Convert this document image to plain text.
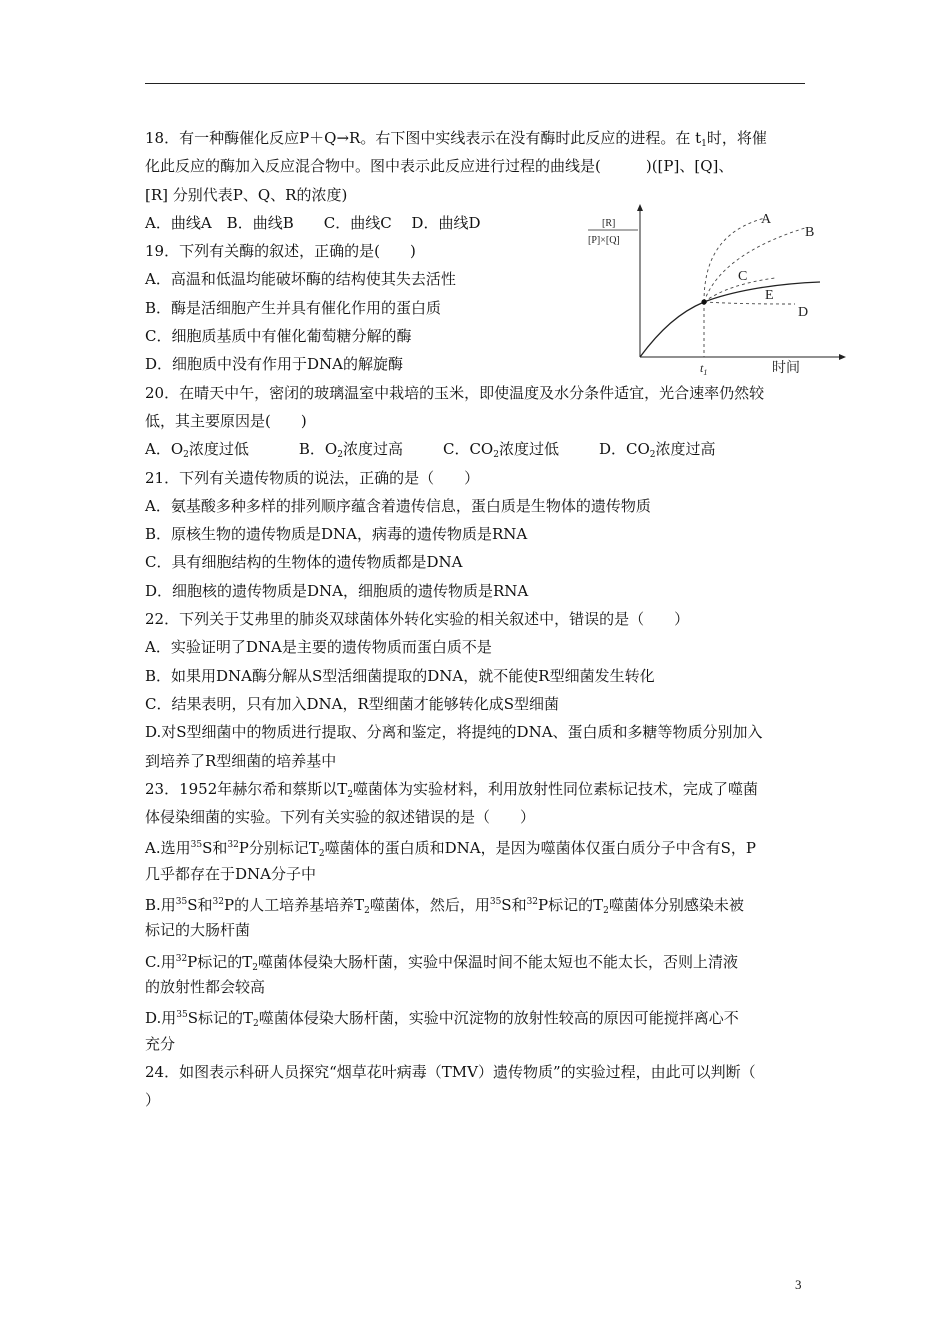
[R]
[P]×[Q]
A
B
C
E
D
$t_1$	时间
18．有一种酶催化反应P＋Q→R。右下图中实线表示在没有酶时此反应的进程。在 $t_1$时，将催
化此反应的酶加入反应混合物中。图中表示此反应进行过程的曲线是(　　　)([P]、[Q]、
[R] 分别代表P、Q、R的浓度)
A．曲线A　B．曲线B　　C．曲线C　 D．曲线D
19．下列有关酶的叙述，正确的是(　　)
A．高温和低温均能破坏酶的结构使其失去活性
B．酶是活细胞产生并具有催化作用的蛋白质
C．细胞质基质中有催化葡萄糖分解的酶
D．细胞质中没有作用于DNA的解旋酶
20．在晴天中午，密闭的玻璃温室中栽培的玉米，即使温度及水分条件适宜，光合速率仍然较
低，其主要原因是(　　)
A．$O_2$浓度过低	B．$O_2$浓度过高	C．$CO_2$浓度过低	D．$CO_2$浓度过高
21．下列有关遗传物质的说法，正确的是（　　）
A．氨基酸多种多样的排列顺序蕴含着遗传信息，蛋白质是生物体的遗传物质
B．原核生物的遗传物质是DNA，病毒的遗传物质是RNA
C．具有细胞结构的生物体的遗传物质都是DNA
D．细胞核的遗传物质是DNA，细胞质的遗传物质是RNA
22．下列关于艾弗里的肺炎双球菌体外转化实验的相关叙述中，错误的是（　　）
A．实验证明了DNA是主要的遗传物质而蛋白质不是
B．如果用DNA酶分解从S型活细菌提取的DNA，就不能使R型细菌发生转化
C．结果表明，只有加入DNA，R型细菌才能够转化成S型细菌
D.对S型细菌中的物质进行提取、分离和鉴定，将提纯的DNA、蛋白质和多糖等物质分别加入
到培养了R型细菌的培养基中
23．1952年赫尔希和蔡斯以$T_2$噬菌体为实验材料，利用放射性同位素标记技术，完成了噬菌
体侵染细菌的实验。下列有关实验的叙述错误的是（　　）
A.选用$^{35}$S和$^{32}$P分别标记$T_2$噬菌体的蛋白质和DNA，是因为噬菌体仅蛋白质分子中含有S，P
几乎都存在于DNA分子中
B.用$^{35}$S和$^{32}$P的人工培养基培养$T_2$噬菌体，然后，用$^{35}$S和$^{32}$P标记的$T_2$噬菌体分别感染未被
标记的大肠杆菌
C.用$^{32}$P标记的$T_2$噬菌体侵染大肠杆菌，实验中保温时间不能太短也不能太长，否则上清液
的放射性都会较高
D.用$^{35}$S标记的$T_2$噬菌体侵染大肠杆菌，实验中沉淀物的放射性较高的原因可能搅拌离心不
充分
24．如图表示科研人员探究“烟草花叶病毒（TMV）遗传物质”的实验过程，由此可以判断（
）
3
